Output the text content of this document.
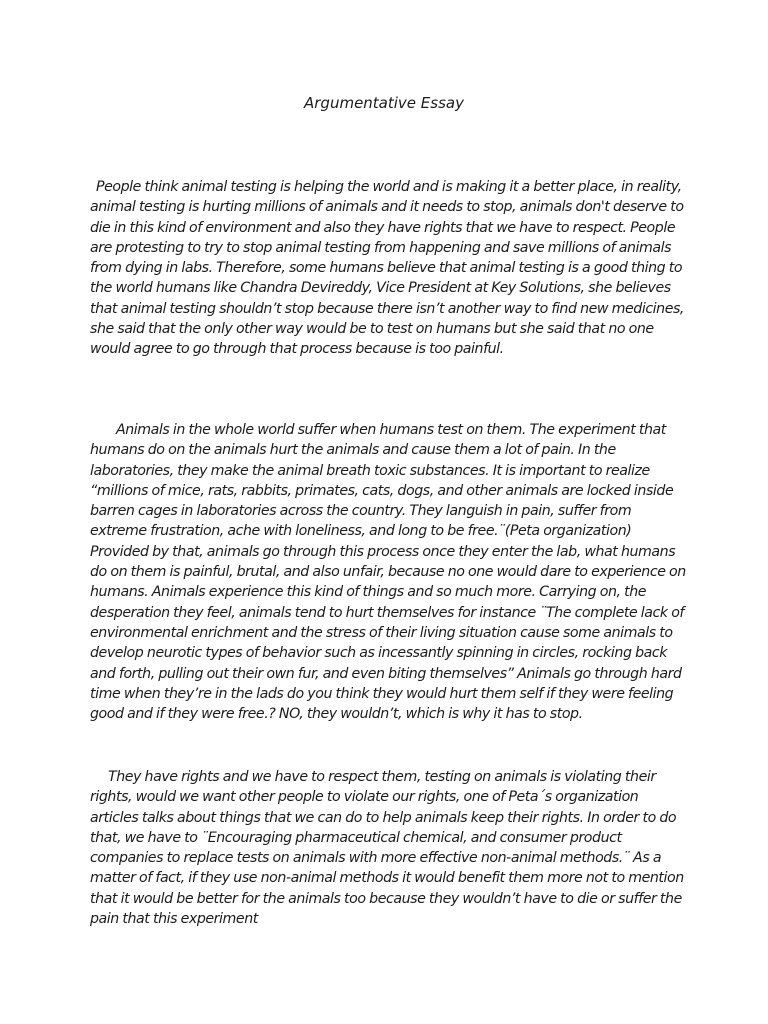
Argumentative Essay

People think animal testing is helping the world and is making it a better place, in reality, animal testing is hurting millions of animals and it needs to stop, animals don't deserve to die in this kind of environment and also they have rights that we have to respect. People are protesting to try to stop animal testing from happening and save millions of animals from dying in labs. Therefore, some humans believe that animal testing is a good thing to the world humans like Chandra Devireddy, Vice President at Key Solutions, she believes that animal testing shouldn’t stop because there isn’t another way to find new medicines, she said that the only other way would be to test on humans but she said that no one would agree to go through that process because is too painful.

Animals in the whole world suffer when humans test on them. The experiment that humans do on the animals hurt the animals and cause them a lot of pain. In the laboratories, they make the animal breath toxic substances. It is important to realize “millions of mice, rats, rabbits, primates, cats, dogs, and other animals are locked inside barren cages in laboratories across the country. They languish in pain, suffer from extreme frustration, ache with loneliness, and long to be free.¨(Peta organization) Provided by that, animals go through this process once they enter the lab, what humans do on them is painful, brutal, and also unfair, because no one would dare to experience on humans. Animals experience this kind of things and so much more. Carrying on, the desperation they feel, animals tend to hurt themselves for instance ¨The complete lack of environmental enrichment and the stress of their living situation cause some animals to develop neurotic types of behavior such as incessantly spinning in circles, rocking back and forth, pulling out their own fur, and even biting themselves” Animals go through hard time when they’re in the lads do you think they would hurt them self if they were feeling good and if they were free.? NO, they wouldn’t, which is why it has to stop.

They have rights and we have to respect them, testing on animals is violating their rights, would we want other people to violate our rights, one of Peta´s organization articles talks about things that we can do to help animals keep their rights. In order to do that, we have to ¨Encouraging pharmaceutical chemical, and consumer product companies to replace tests on animals with more effective non-animal methods.¨ As a matter of fact, if they use non-animal methods it would benefit them more not to mention that it would be better for the animals too because they wouldn’t have to die or suffer the pain that this experiment
